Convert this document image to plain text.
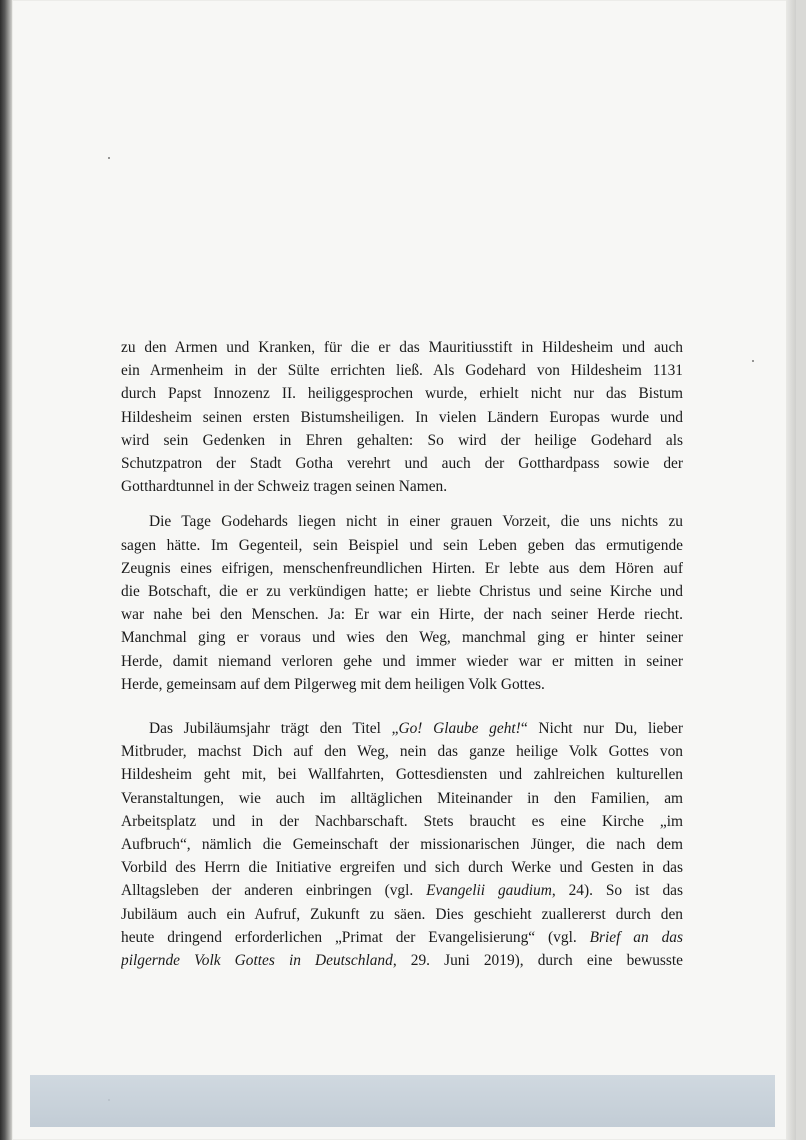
zu den Armen und Kranken, für die er das Mauritiusstift in Hildesheim und auch
ein Armenheim in der Sülte errichten ließ. Als Godehard von Hildesheim 1131
durch Papst Innozenz II. heiliggesprochen wurde, erhielt nicht nur das Bistum
Hildesheim seinen ersten Bistumsheiligen. In vielen Ländern Europas wurde und
wird sein Gedenken in Ehren gehalten: So wird der heilige Godehard als
Schutzpatron der Stadt Gotha verehrt und auch der Gotthardpass sowie der
Gotthardtunnel in der Schweiz tragen seinen Namen.
Die Tage Godehards liegen nicht in einer grauen Vorzeit, die uns nichts zu
sagen hätte. Im Gegenteil, sein Beispiel und sein Leben geben das ermutigende
Zeugnis eines eifrigen, menschenfreundlichen Hirten. Er lebte aus dem Hören auf
die Botschaft, die er zu verkündigen hatte; er liebte Christus und seine Kirche und
war nahe bei den Menschen. Ja: Er war ein Hirte, der nach seiner Herde riecht.
Manchmal ging er voraus und wies den Weg, manchmal ging er hinter seiner
Herde, damit niemand verloren gehe und immer wieder war er mitten in seiner
Herde, gemeinsam auf dem Pilgerweg mit dem heiligen Volk Gottes.
Das Jubiläumsjahr trägt den Titel „Go! Glaube geht!“ Nicht nur Du, lieber
Mitbruder, machst Dich auf den Weg, nein das ganze heilige Volk Gottes von
Hildesheim geht mit, bei Wallfahrten, Gottesdiensten und zahlreichen kulturellen
Veranstaltungen, wie auch im alltäglichen Miteinander in den Familien, am
Arbeitsplatz und in der Nachbarschaft. Stets braucht es eine Kirche „im
Aufbruch“, nämlich die Gemeinschaft der missionarischen Jünger, die nach dem
Vorbild des Herrn die Initiative ergreifen und sich durch Werke und Gesten in das
Alltagsleben der anderen einbringen (vgl. Evangelii gaudium, 24). So ist das
Jubiläum auch ein Aufruf, Zukunft zu säen. Dies geschieht zuallererst durch den
heute dringend erforderlichen „Primat der Evangelisierung“ (vgl. Brief an das
pilgernde Volk Gottes in Deutschland, 29. Juni 2019), durch eine bewusste
